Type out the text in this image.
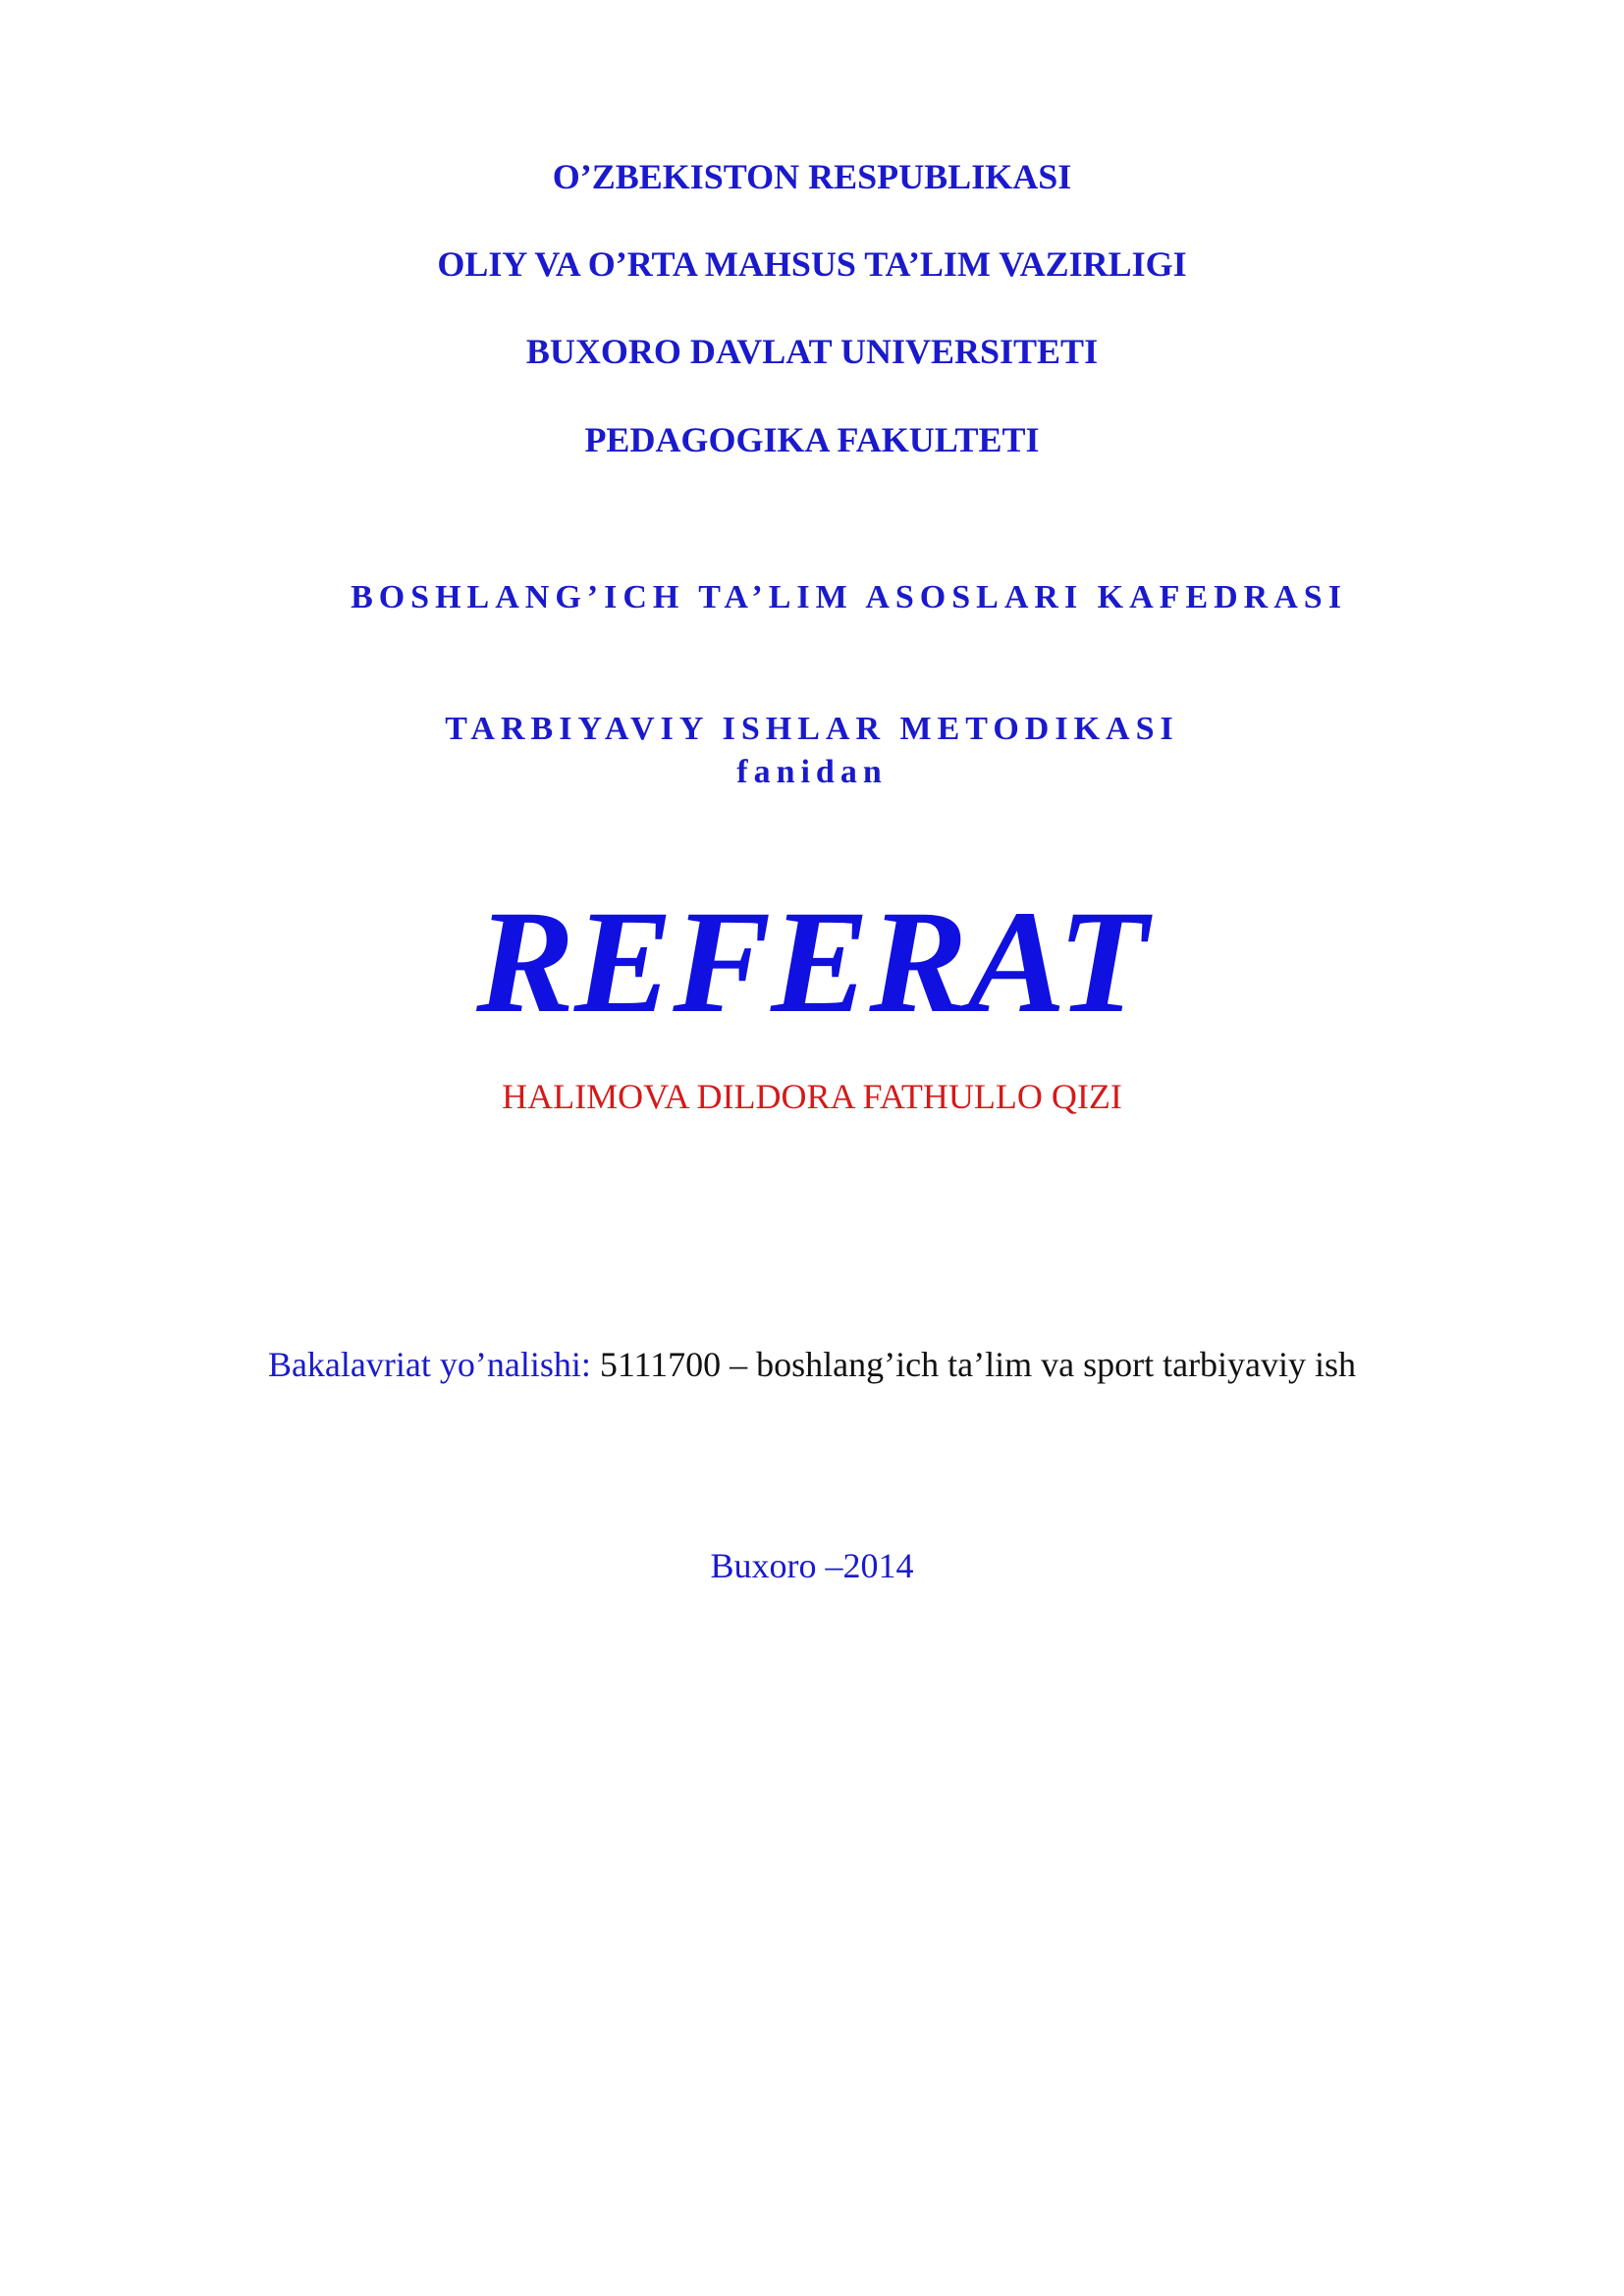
O’ZBEKISTON RESPUBLIKASI
OLIY VA O’RTA MAHSUS TA’LIM VAZIRLIGI
BUXORO DAVLAT UNIVERSITETI
PEDAGOGIKA FAKULTETI
BOSHLANG’ICH TA’LIM ASOSLARI KAFEDRASI
TARBIYAVIY ISHLAR METODIKASI
fanidan
REFERAT
HALIMOVA DILDORA FATHULLO QIZI
Bakalavriat yo’nalishi: 5111700 – boshlang’ich ta’lim va sport tarbiyaviy ish
Buxoro –2014
